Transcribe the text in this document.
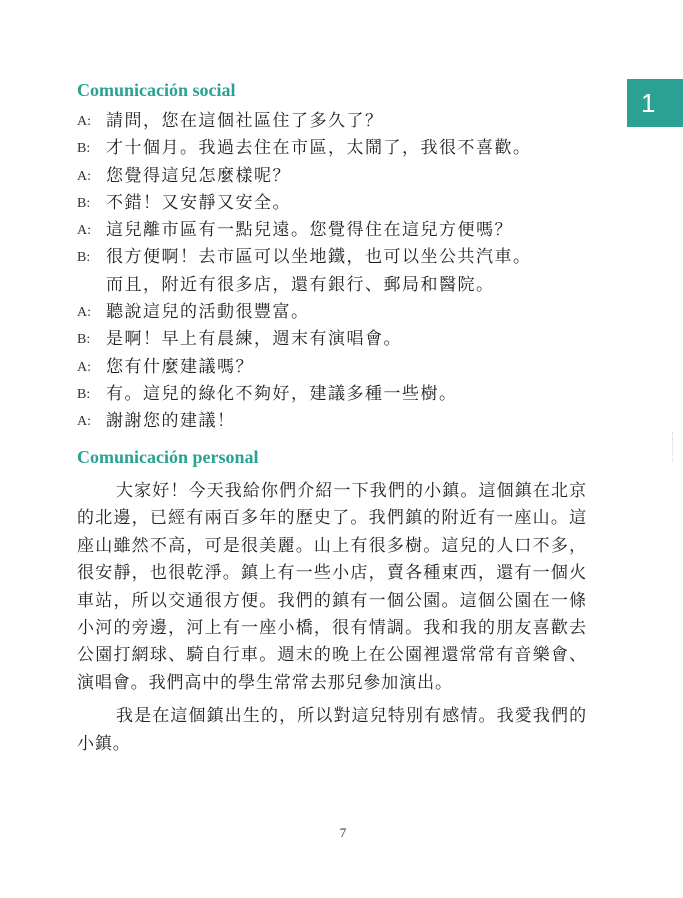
1
Comunicación social
A: 請問，您在這個社區住了多久了？
B: 才十個月。我過去住在市區，太鬧了，我很不喜歡。
A: 您覺得這兒怎麼樣呢？
B: 不錯！又安靜又安全。
A: 這兒離市區有一點兒遠。您覺得住在這兒方便嗎？
B: 很方便啊！去市區可以坐地鐵，也可以坐公共汽車。
而且，附近有很多店，還有銀行、郵局和醫院。
A: 聽說這兒的活動很豐富。
B: 是啊！早上有晨練，週末有演唱會。
A: 您有什麼建議嗎？
B: 有。這兒的綠化不夠好，建議多種一些樹。
A: 謝謝您的建議！
Comunicación personal

大家好！今天我給你們介紹一下我們的小鎮。這個鎮在北京的北邊，已經有兩百多年的歷史了。我們鎮的附近有一座山。這座山雖然不高，可是很美麗。山上有很多樹。這兒的人口不多，很安靜，也很乾淨。鎮上有一些小店，賣各種東西，還有一個火車站，所以交通很方便。我們的鎮有一個公園。這個公園在一條小河的旁邊，河上有一座小橋，很有情調。我和我的朋友喜歡去公園打網球、騎自行車。週末的晚上在公園裡還常常有音樂會、演唱會。我們高中的學生常常去那兒參加演出。

我是在這個鎮出生的，所以對這兒特別有感情。我愛我們的小鎮。

7
